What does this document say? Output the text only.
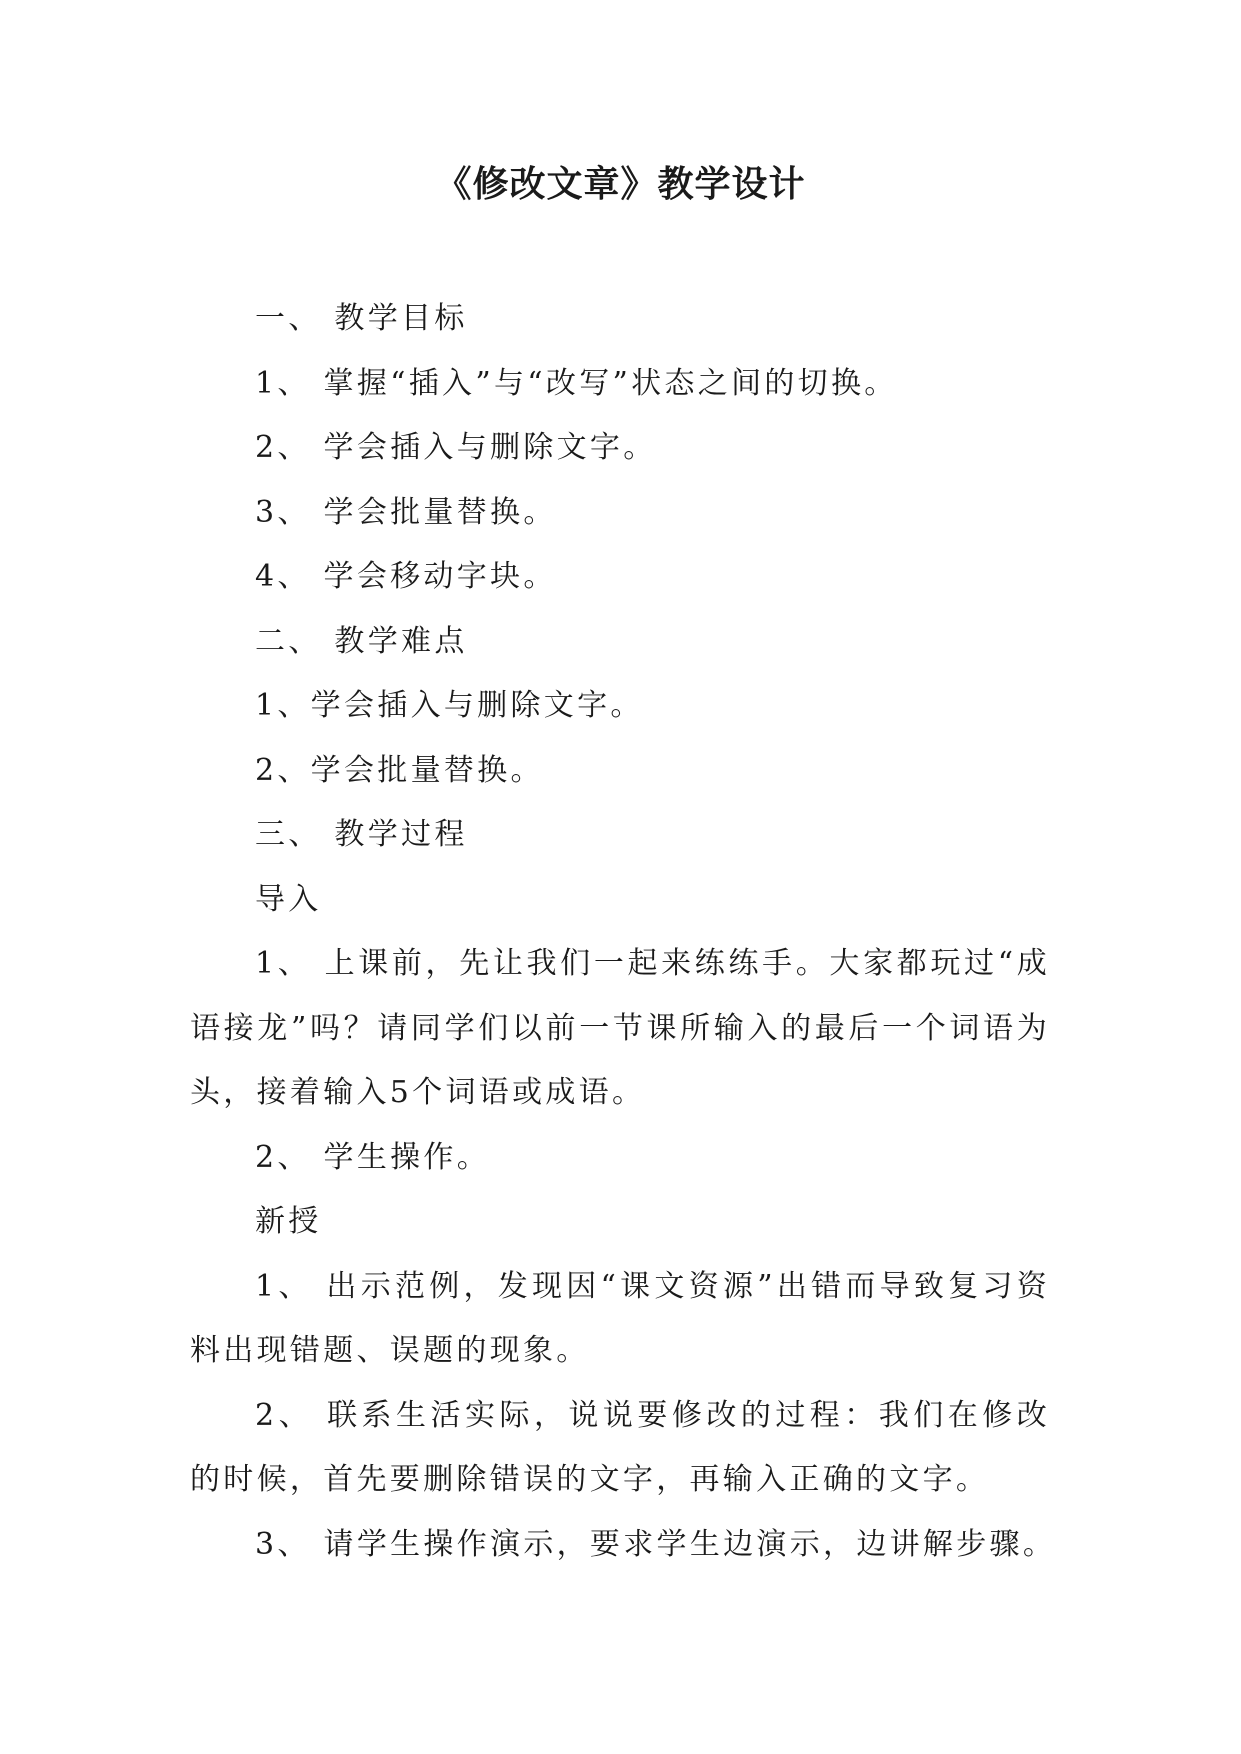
《修改文章》教学设计

一、 教学目标

1、 掌握“插入”与“改写”状态之间的切换。

2、 学会插入与删除文字。

3、 学会批量替换。

4、 学会移动字块。

二、 教学难点

1、学会插入与删除文字。

2、学会批量替换。

三、 教学过程

导入

1、 上课前，先让我们一起来练练手。大家都玩过“成语接龙”吗？请同学们以前一节课所输入的最后一个词语为头，接着输入5个词语或成语。

2、 学生操作。

新授

1、 出示范例，发现因“课文资源”出错而导致复习资料出现错题、误题的现象。

2、 联系生活实际，说说要修改的过程：我们在修改的时候，首先要删除错误的文字，再输入正确的文字。

3、 请学生操作演示，要求学生边演示，边讲解步骤。
